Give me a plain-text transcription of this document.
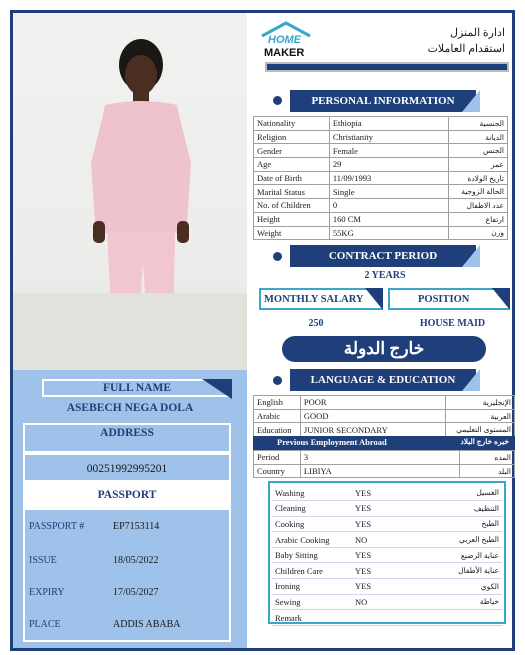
FULL NAME
ASEBECH NEGA DOLA
ADDRESS
00251992995201
PASSPORT
PASSPORT #	EP7153114
ISSUE	18/05/2022
EXPIRY	17/05/2027
PLACE	ADDIS ABABA
HOME
MAKER
ادارة المنزل
استقدام العاملات
PERSONAL INFORMATION
Nationality	Ethiopia	الجنسية
Religion	Christianity	الديانة
Gender	Female	الجنس
Age	29	عمر
Date of Birth	11/09/1993	تاريخ الولادة
Marital Status	Single	الحالة الزوجية
No. of Children	0	عدد الاطفال
Height	160 CM	ارتفاع
Weight	55KG	وزن
CONTRACT PERIOD
2 YEARS
MONTHLY SALARY	POSITION
250	HOUSE MAID
خارج الدولة
LANGUAGE & EDUCATION
English	POOR	الإنجليزية
Arabic	GOOD	العربية
Education	JUNIOR SECONDARY	المستوى التعليمي
Previous Employment Abroad	خبره خارج البلاد
Period	3	المده
Country	LIBIYA	البلد
Washing	YES	الغسيل
Cleaning	YES	التنظيف
Cooking	YES	الطبخ
Arabic Cooking	NO	الطبخ العربي
Baby Sitting	YES	عناية الرضيع
Children Care	YES	عناية الأطفال
Ironing	YES	الكوي
Sewing	NO	خياطة
Remark		
